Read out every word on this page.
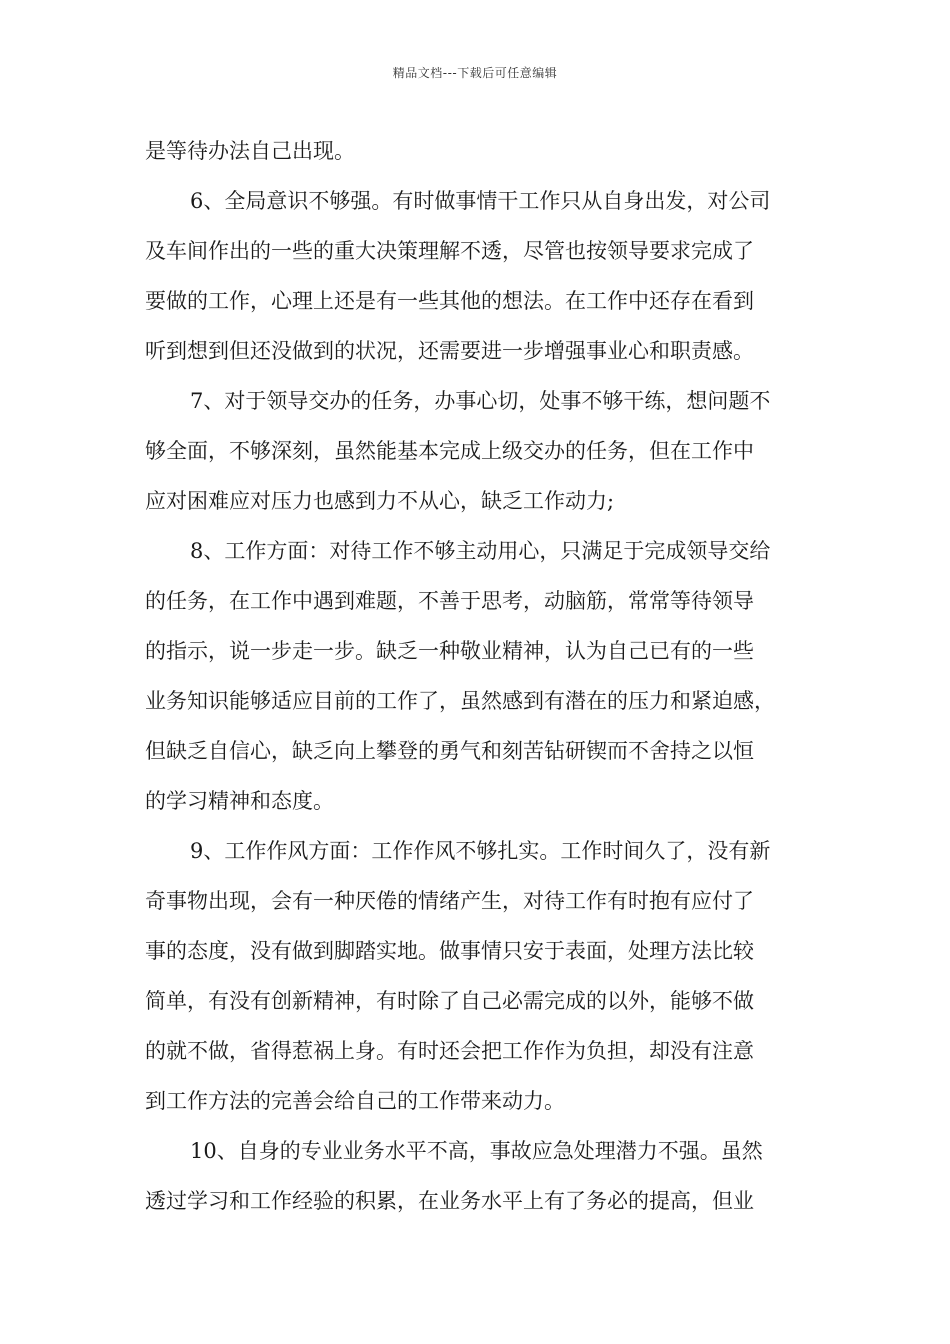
精品文档---下载后可任意编辑
是等待办法自己出现。
6、全局意识不够强。有时做事情干工作只从自身出发，对公司
及车间作出的一些的重大决策理解不透，尽管也按领导要求完成了
要做的工作，心理上还是有一些其他的想法。在工作中还存在看到
听到想到但还没做到的状况，还需要进一步增强事业心和职责感。
7、对于领导交办的任务，办事心切，处事不够干练，想问题不
够全面，不够深刻，虽然能基本完成上级交办的任务，但在工作中
应对困难应对压力也感到力不从心，缺乏工作动力;
8、工作方面：对待工作不够主动用心，只满足于完成领导交给
的任务，在工作中遇到难题，不善于思考，动脑筋，常常等待领导
的指示，说一步走一步。缺乏一种敬业精神，认为自己已有的一些
业务知识能够适应目前的工作了，虽然感到有潜在的压力和紧迫感，
但缺乏自信心，缺乏向上攀登的勇气和刻苦钻研锲而不舍持之以恒
的学习精神和态度。
9、工作作风方面：工作作风不够扎实。工作时间久了，没有新
奇事物出现，会有一种厌倦的情绪产生，对待工作有时抱有应付了
事的态度，没有做到脚踏实地。做事情只安于表面，处理方法比较
简单，有没有创新精神，有时除了自己必需完成的以外，能够不做
的就不做，省得惹祸上身。有时还会把工作作为负担，却没有注意
到工作方法的完善会给自己的工作带来动力。
10、自身的专业业务水平不高，事故应急处理潜力不强。虽然
透过学习和工作经验的积累，在业务水平上有了务必的提高，但业
